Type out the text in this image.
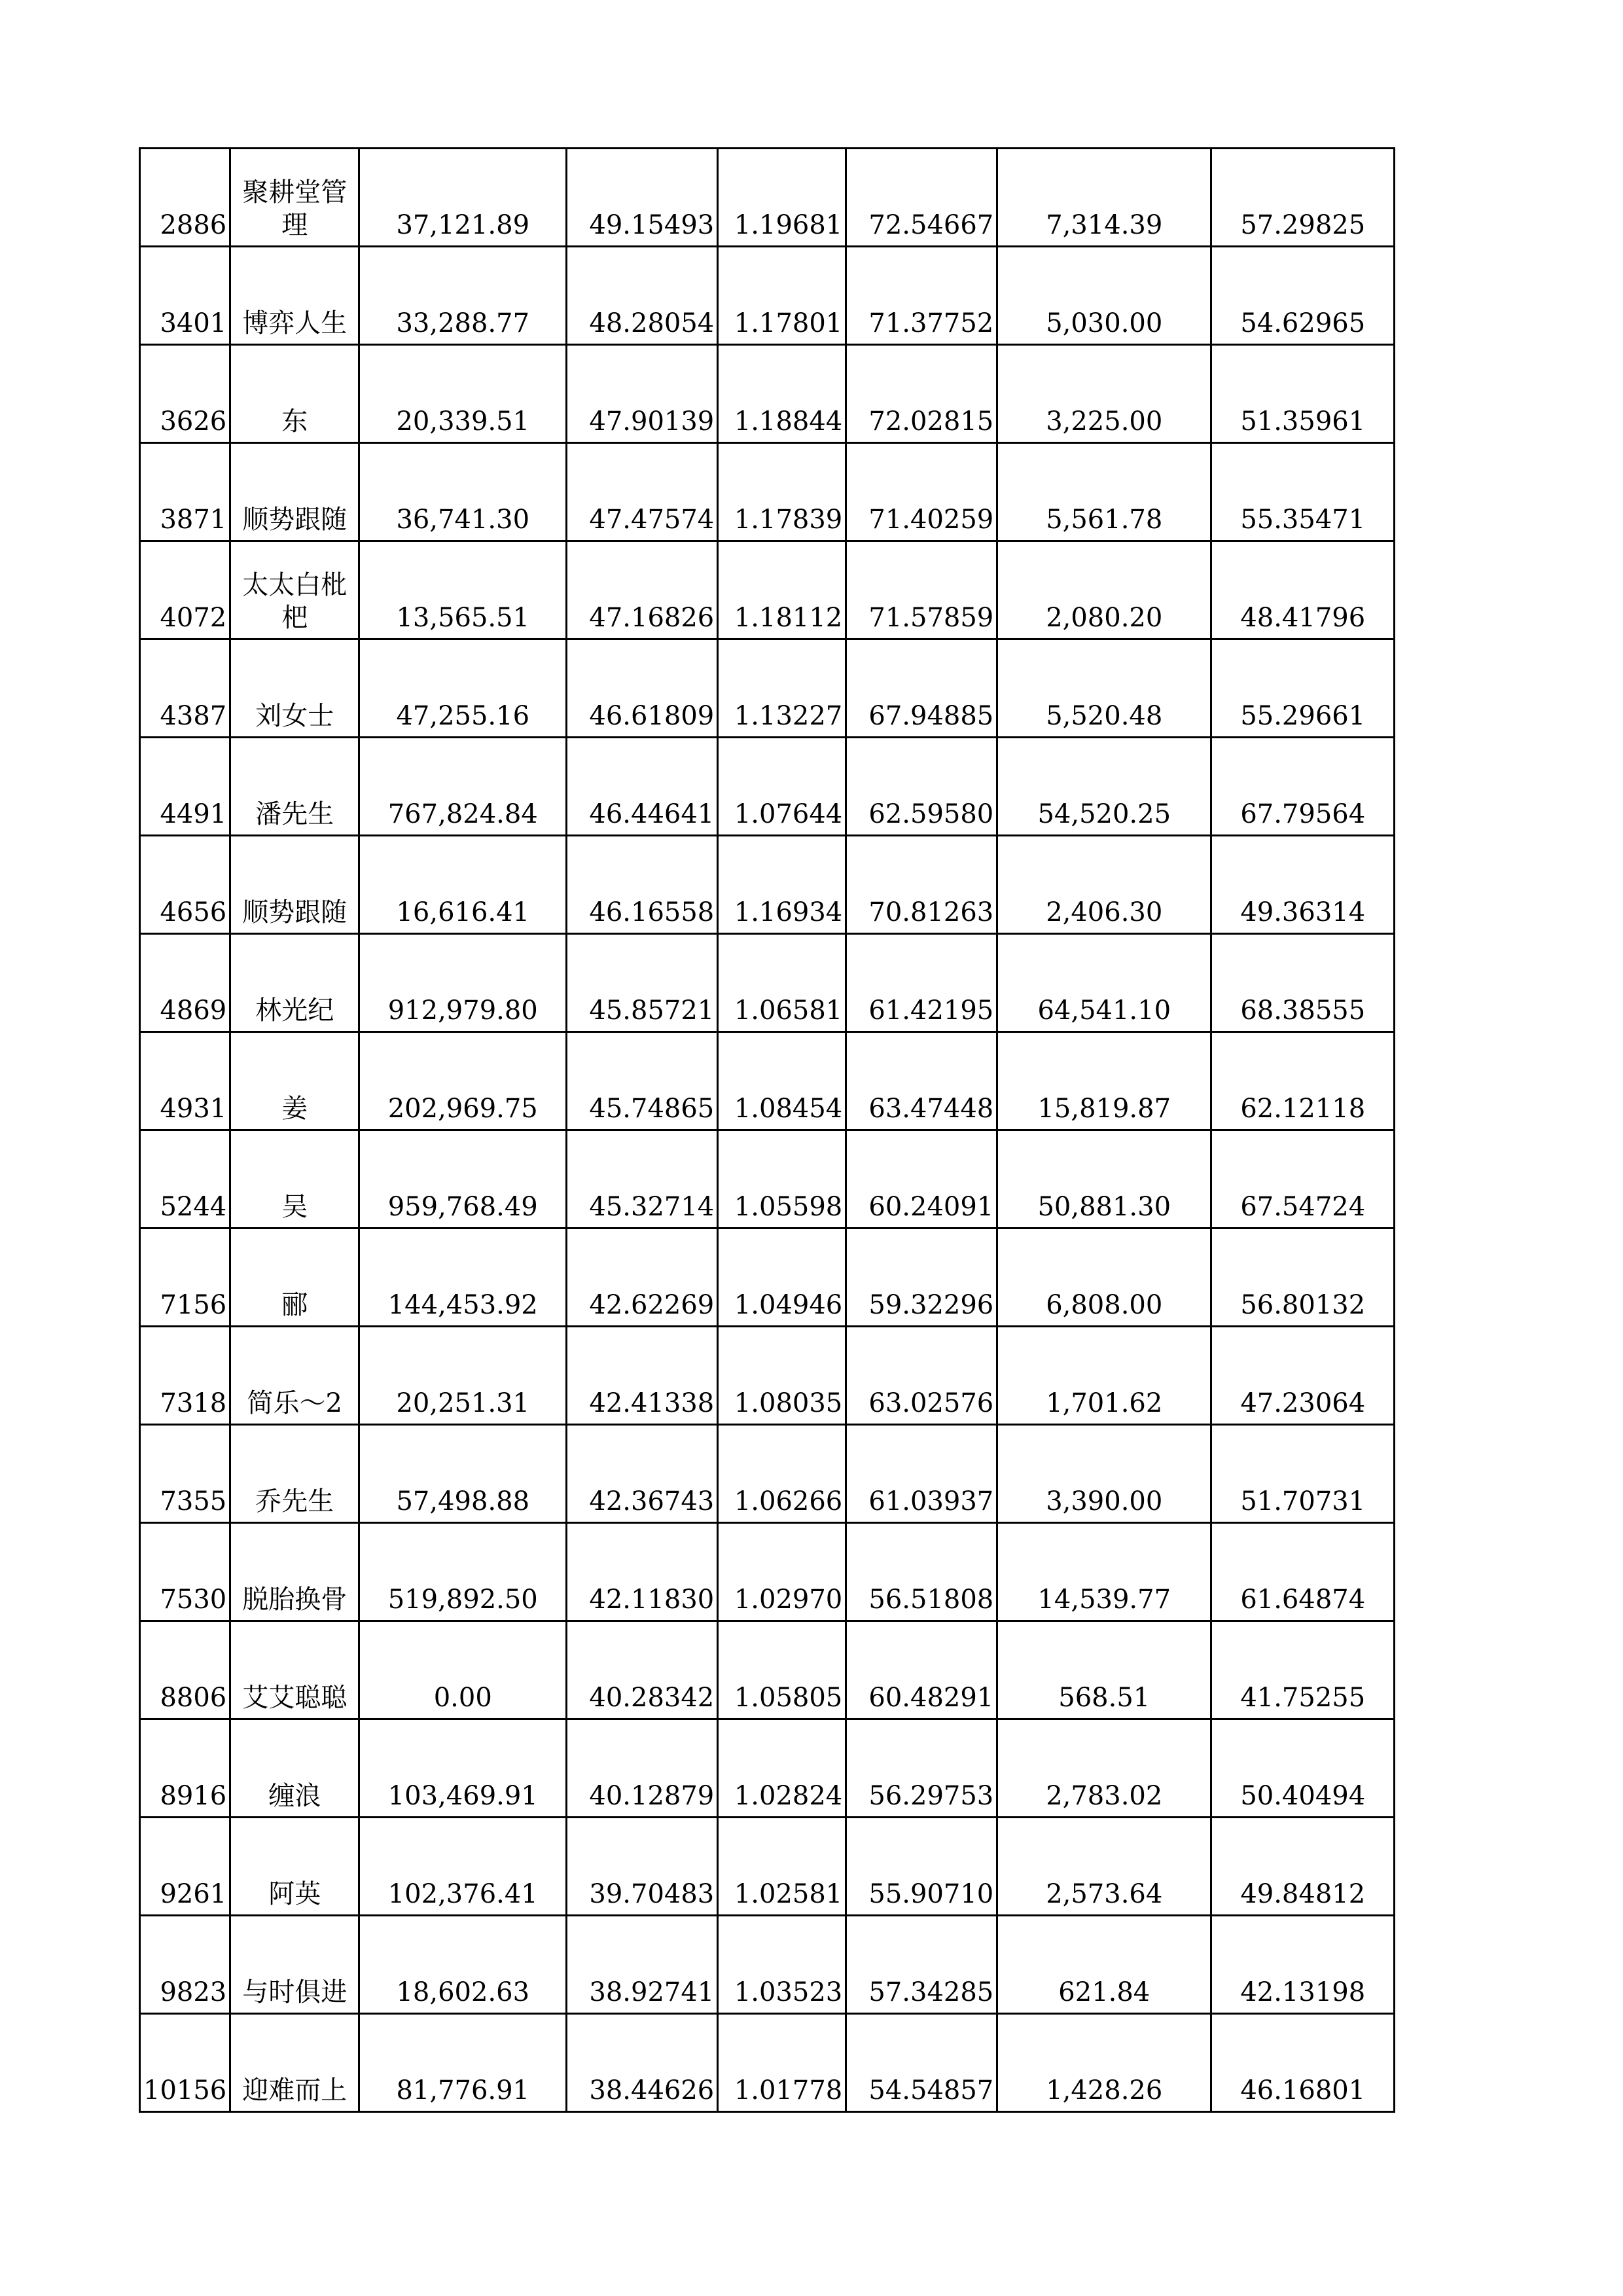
2886	聚耕堂管理	37,121.89	49.15493	1.19681	72.54667	7,314.39	57.29825
3401	博弈人生	33,288.77	48.28054	1.17801	71.37752	5,030.00	54.62965
3626	东	20,339.51	47.90139	1.18844	72.02815	3,225.00	51.35961
3871	顺势跟随	36,741.30	47.47574	1.17839	71.40259	5,561.78	55.35471
4072	太太白枇杷	13,565.51	47.16826	1.18112	71.57859	2,080.20	48.41796
4387	刘女士	47,255.16	46.61809	1.13227	67.94885	5,520.48	55.29661
4491	潘先生	767,824.84	46.44641	1.07644	62.59580	54,520.25	67.79564
4656	顺势跟随	16,616.41	46.16558	1.16934	70.81263	2,406.30	49.36314
4869	林光纪	912,979.80	45.85721	1.06581	61.42195	64,541.10	68.38555
4931	姜	202,969.75	45.74865	1.08454	63.47448	15,819.87	62.12118
5244	吴	959,768.49	45.32714	1.05598	60.24091	50,881.30	67.54724
7156	郦	144,453.92	42.62269	1.04946	59.32296	6,808.00	56.80132
7318	简乐～2	20,251.31	42.41338	1.08035	63.02576	1,701.62	47.23064
7355	乔先生	57,498.88	42.36743	1.06266	61.03937	3,390.00	51.70731
7530	脱胎换骨	519,892.50	42.11830	1.02970	56.51808	14,539.77	61.64874
8806	艾艾聪聪	0.00	40.28342	1.05805	60.48291	568.51	41.75255
8916	缠浪	103,469.91	40.12879	1.02824	56.29753	2,783.02	50.40494
9261	阿英	102,376.41	39.70483	1.02581	55.90710	2,573.64	49.84812
9823	与时俱进	18,602.63	38.92741	1.03523	57.34285	621.84	42.13198
10156	迎难而上	81,776.91	38.44626	1.01778	54.54857	1,428.26	46.16801
